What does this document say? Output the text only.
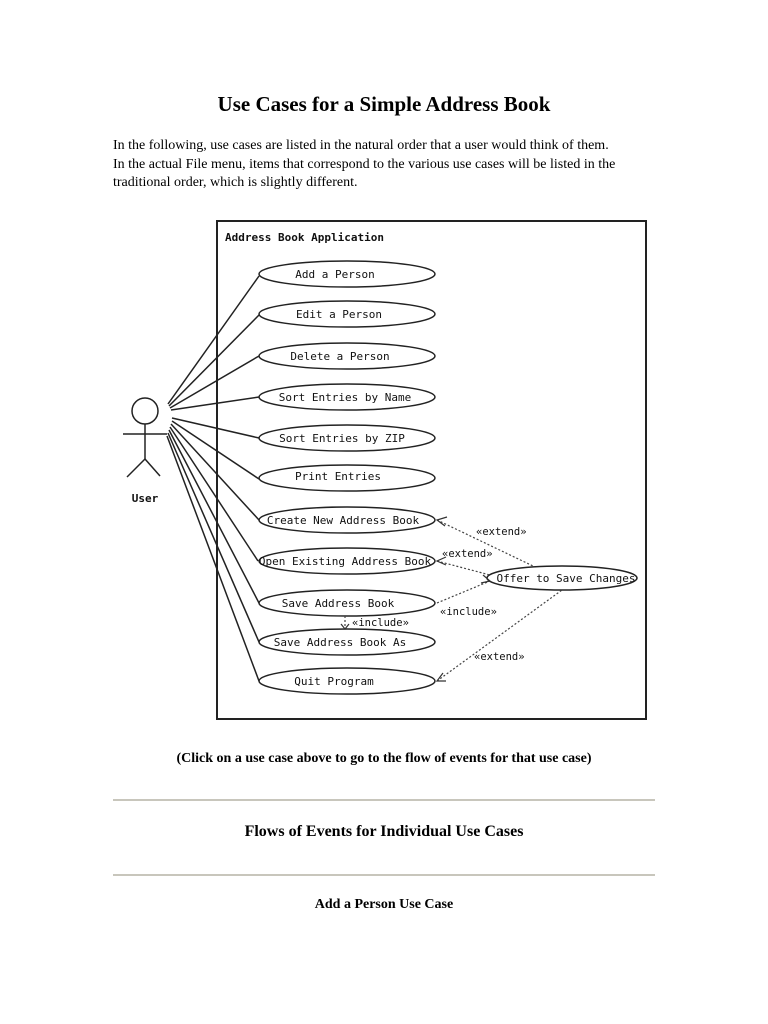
Use Cases for a Simple Address Book

In the following, use cases are listed in the natural order that a user would think of them.
In the actual File menu, items that correspond to the various use cases will be listed in the
traditional order, which is slightly different.

Address Book Application
User
Add a Person
Edit a Person
Delete a Person
Sort Entries by Name
Sort Entries by ZIP
Print Entries
Create New Address Book
Open Existing Address Book
Save Address Book
Save Address Book As
Quit Program
Offer to Save Changes
«extend»
«extend»
«include»
«include»
«extend»

(Click on a use case above to go to the flow of events for that use case)

Flows of Events for Individual Use Cases
Add a Person Use Case
